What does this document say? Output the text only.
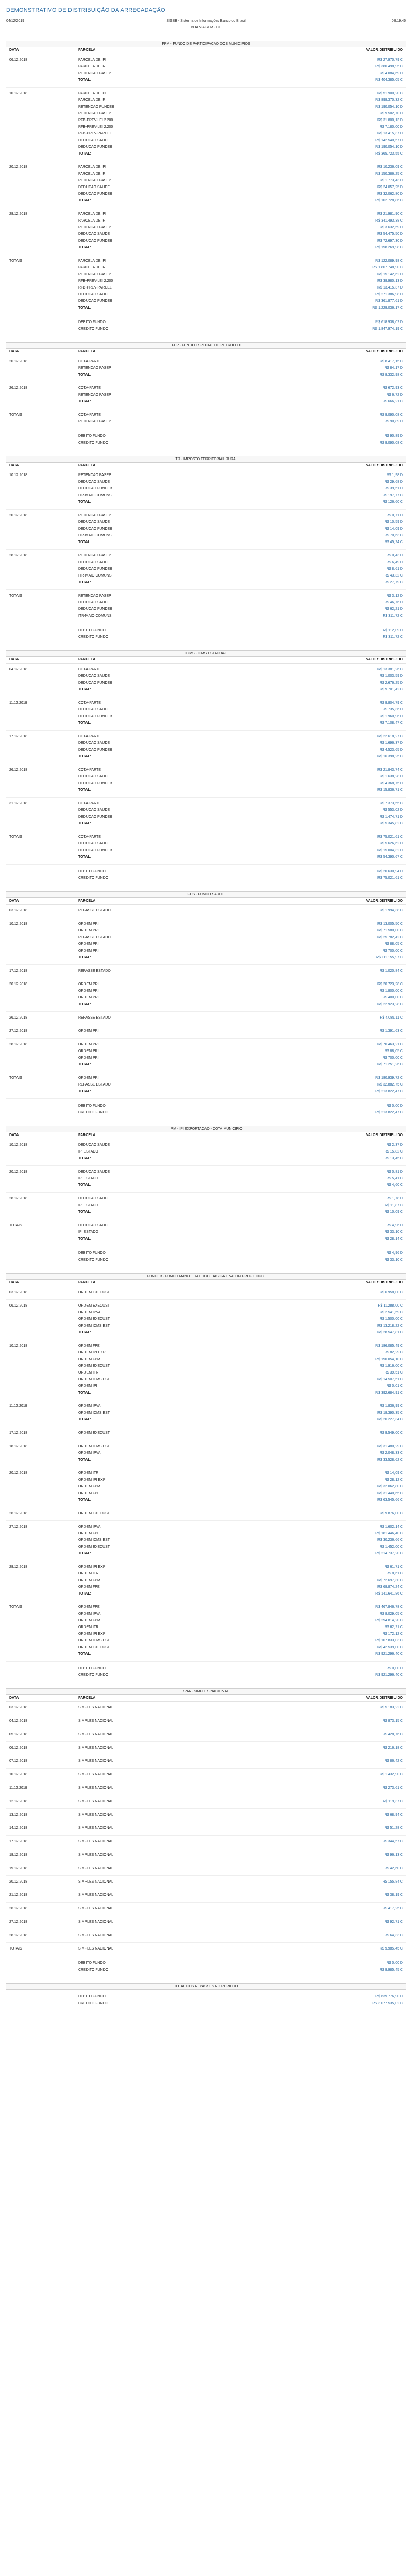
DEMONSTRATIVO DE DISTRIBUIÇÃO DA ARRECADAÇÃO
04/12/2019	SISBB - Sistema de Informações Banco do Brasil	08:19:46
BOA VIAGEM - CE
FPM - FUNDO DE PARTICIPACAO DOS MUNICIPIOS
DATA	PARCELA	VALOR DISTRIBUIDO
06.12.2018	PARCELA DE IPI	R$ 27.970,79 C
PARCELA DE IR	R$ 380.498,95 C
RETENCAO PASEP	R$ 4.084,69 D
TOTAL:	R$ 404.385,05 C
10.12.2018	PARCELA DE IPI	R$ 51.900,20 C
PARCELA DE IR	R$ 898.370,32 C
RETENCAO FUNDEB	R$ 190.054,10 D
RETENCAO PASEP	R$ 9.502,70 D
RFB-PREV-LEI 2.200	R$ 31.800,13 D
RFB-PREV-LEI 2.200	R$ 7.180,00 D
RFB-PREV-PARCEL	R$ 13.415,37 D
DEDUCAO SAUDE	R$ 142.540,57 D
DEDUCAO FUNDEB	R$ 190.054,10 D
TOTAL:	R$ 365.723,55 C
20.12.2018	PARCELA DE IPI	R$ 10.236,09 C
PARCELA DE IR	R$ 150.386,25 C
RETENCAO PASEP	R$ 1.773,43 D
DEDUCAO SAUDE	R$ 24.057,25 D
DEDUCAO FUNDEB	R$ 32.062,80 D
TOTAL:	R$ 102.728,86 C
28.12.2018	PARCELA DE IPI	R$ 21.981,90 C
PARCELA DE IR	R$ 341.493,38 C
RETENCAO PASEP	R$ 3.632,59 D
DEDUCAO SAUDE	R$ 54.475,50 D
DEDUCAO FUNDEB	R$ 72.697,30 D
TOTAL:	R$ 198.269,98 C
TOTAIS	PARCELA DE IPI	R$ 122.089,98 C
PARCELA DE IR	R$ 1.807.748,90 C
RETENCAO PASEP	R$ 15.142,62 D
RFB-PREV-LEI 2.200	R$ 38.980,13 D
RFB-PREV-PARCEL	R$ 13.415,37 D
DEDUCAO SAUDE	R$ 271.386,98 D
DEDUCAO FUNDEB	R$ 361.877,61 D
TOTAL:	R$ 1.229.036,17 C
DEBITO FUNDO	R$ 618.938,02 D
CREDITO FUNDO	R$ 1.847.974,19 C
FEP - FUNDO ESPECIAL DO PETROLEO
DATA	PARCELA	VALOR DISTRIBUIDO
20.12.2018	COTA-PARTE	R$ 8.417,15 C
RETENCAO PASEP	R$ 84,17 D
TOTAL:	R$ 8.332,98 C
26.12.2018	COTA-PARTE	R$ 672,93 C
RETENCAO PASEP	R$ 6,72 D
TOTAL:	R$ 666,21 C
TOTAIS	COTA-PARTE	R$ 9.090,08 C
RETENCAO PASEP	R$ 90,89 D
DEBITO FUNDO	R$ 90,89 D
CREDITO FUNDO	R$ 9.090,08 C
ITR - IMPOSTO TERRITORIAL RURAL
DATA	PARCELA	VALOR DISTRIBUIDO
10.12.2018	RETENCAO PASEP	R$ 1,98 D
DEDUCAO SAUDE	R$ 29,68 D
DEDUCAO FUNDEB	R$ 39,51 D
ITR-MAIO COMUNS	R$ 197,77 C
TOTAL:	R$ 126,60 C
20.12.2018	RETENCAO PASEP	R$ 0,71 D
DEDUCAO SAUDE	R$ 10,59 D
DEDUCAO FUNDEB	R$ 14,09 D
ITR-MAIO COMUNS	R$ 70,63 C
TOTAL:	R$ 45,24 C
28.12.2018	RETENCAO PASEP	R$ 0,43 D
DEDUCAO SAUDE	R$ 6,49 D
DEDUCAO FUNDEB	R$ 8,61 D
ITR-MAIO COMUNS	R$ 43,32 C
TOTAL:	R$ 27,79 C
TOTAIS	RETENCAO PASEP	R$ 3,12 D
DEDUCAO SAUDE	R$ 46,76 D
DEDUCAO FUNDEB	R$ 62,21 D
ITR-MAIO COMUNS	R$ 311,72 C
DEBITO FUNDO	R$ 112,09 D
CREDITO FUNDO	R$ 311,72 C
ICMS - ICMS ESTADUAL
DATA	PARCELA	VALOR DISTRIBUIDO
04.12.2018	COTA-PARTE	R$ 13.381,26 C
DEDUCAO SAUDE	R$ 1.003,59 D
DEDUCAO FUNDEB	R$ 2.676,25 D
TOTAL:	R$ 9.701,42 C
11.12.2018	COTA-PARTE	R$ 9.804,79 C
DEDUCAO SAUDE	R$ 735,36 D
DEDUCAO FUNDEB	R$ 1.960,96 D
TOTAL:	R$ 7.108,47 C
17.12.2018	COTA-PARTE	R$ 22.618,27 C
DEDUCAO SAUDE	R$ 1.696,37 D
DEDUCAO FUNDEB	R$ 4.523,65 D
TOTAL:	R$ 16.398,25 C
26.12.2018	COTA-PARTE	R$ 21.843,74 C
DEDUCAO SAUDE	R$ 1.638,28 D
DEDUCAO FUNDEB	R$ 4.368,75 D
TOTAL:	R$ 15.836,71 C
31.12.2018	COTA-PARTE	R$ 7.373,55 C
DEDUCAO SAUDE	R$ 553,02 D
DEDUCAO FUNDEB	R$ 1.474,71 D
TOTAL:	R$ 5.345,82 C
TOTAIS	COTA-PARTE	R$ 75.021,61 C
DEDUCAO SAUDE	R$ 5.626,62 D
DEDUCAO FUNDEB	R$ 15.004,32 D
TOTAL:	R$ 54.390,67 C
DEBITO FUNDO	R$ 20.630,94 D
CREDITO FUNDO	R$ 75.021,61 C
FUS - FUNDO SAUDE
DATA	PARCELA	VALOR DISTRIBUIDO
03.12.2018	REPASSE ESTADO	R$ 1.994,38 C
10.12.2018	ORDEM PRI	R$ 13.005,50 C
ORDEM PRI	R$ 71.580,00 C
REPASSE ESTADO	R$ 25.782,42 C
ORDEM PRI	R$ 88,05 C
ORDEM PRI	R$ 700,00 C
TOTAL:	R$ 111.155,97 C
17.12.2018	REPASSE ESTADO	R$ 1.020,84 C
20.12.2018	ORDEM PRI	R$ 20.723,28 C
ORDEM PRI	R$ 1.800,00 C
ORDEM PRI	R$ 400,00 C
TOTAL:	R$ 22.923,28 C
26.12.2018	REPASSE ESTADO	R$ 4.085,11 C
27.12.2018	ORDEM PRI	R$ 1.391,63 C
28.12.2018	ORDEM PRI	R$ 70.463,21 C
ORDEM PRI	R$ 88,05 C
ORDEM PRI	R$ 700,00 C
TOTAL:	R$ 71.251,26 C
TOTAIS	ORDEM PRI	R$ 180.939,72 C
REPASSE ESTADO	R$ 32.882,75 C
TOTAL:	R$ 213.822,47 C
DEBITO FUNDO	R$ 0,00 D
CREDITO FUNDO	R$ 213.822,47 C
IPM - IPI EXPORTACAO - COTA MUNICIPIO
DATA	PARCELA	VALOR DISTRIBUIDO
10.12.2018	DEDUCAO SAUDE	R$ 2,37 D
IPI ESTADO	R$ 15,82 C
TOTAL:	R$ 13,45 C
20.12.2018	DEDUCAO SAUDE	R$ 0,81 D
IPI ESTADO	R$ 5,41 C
TOTAL:	R$ 4,60 C
28.12.2018	DEDUCAO SAUDE	R$ 1,78 D
IPI ESTADO	R$ 11,87 C
TOTAL:	R$ 10,09 C
TOTAIS	DEDUCAO SAUDE	R$ 4,96 D
IPI ESTADO	R$ 33,10 C
TOTAL:	R$ 28,14 C
DEBITO FUNDO	R$ 4,96 D
CREDITO FUNDO	R$ 33,10 C
FUNDEB - FUNDO MANUT. DA EDUC. BASICA E VALOR PROF. EDUC.
DATA	PARCELA	VALOR DISTRIBUIDO
03.12.2018	ORDEM EXECUST	R$ 6.958,00 C
06.12.2018	ORDEM EXECUST	R$ 11.288,00 C
ORDEM IPVA	R$ 2.541,59 C
ORDEM EXECUST	R$ 1.500,00 C
ORDEM ICMS EST	R$ 13.218,22 C
TOTAL:	R$ 28.547,81 C
10.12.2018	ORDEM FPE	R$ 186.085,49 C
ORDEM IPI EXP	R$ 82,29 C
ORDEM FPM	R$ 190.054,10 C
ORDEM EXECUST	R$ 1.916,00 C
ORDEM ITR	R$ 39,51 C
ORDEM ICMS EST	R$ 14.507,51 C
ORDEM IPI	R$ 0,01 C
TOTAL:	R$ 392.684,91 C
11.12.2018	ORDEM IPVA	R$ 1.836,99 C
ORDEM ICMS EST	R$ 18.390,35 C
TOTAL:	R$ 20.227,34 C
17.12.2018	ORDEM EXECUST	R$ 9.549,00 C
18.12.2018	ORDEM ICMS EST	R$ 31.480,29 C
ORDEM IPVA	R$ 2.048,33 C
TOTAL:	R$ 33.528,62 C
20.12.2018	ORDEM ITR	R$ 14,09 C
ORDEM IPI EXP	R$ 28,12 C
ORDEM FPM	R$ 32.062,80 C
ORDEM FPE	R$ 31.440,65 C
TOTAL:	R$ 63.545,66 C
26.12.2018	ORDEM EXECUST	R$ 9.876,00 C
27.12.2018	ORDEM IPVA	R$ 1.602,14 C
ORDEM FPE	R$ 181.446,40 C
ORDEM ICMS EST	R$ 30.236,66 C
ORDEM EXECUST	R$ 1.452,00 C
TOTAL:	R$ 214.737,20 C
28.12.2018	ORDEM IPI EXP	R$ 61,71 C
ORDEM ITR	R$ 8,61 C
ORDEM FPM	R$ 72.697,30 C
ORDEM FPE	R$ 68.874,24 C
TOTAL:	R$ 141.641,86 C
TOTAIS	ORDEM FPE	R$ 467.846,78 C
ORDEM IPVA	R$ 8.029,05 C
ORDEM FPM	R$ 294.814,20 C
ORDEM ITR	R$ 62,21 C
ORDEM IPI EXP	R$ 172,12 C
ORDEM ICMS EST	R$ 107.833,03 C
ORDEM EXECUST	R$ 42.539,00 C
TOTAL:	R$ 921.296,40 C
DEBITO FUNDO	R$ 0,00 D
CREDITO FUNDO	R$ 921.296,40 C
SNA - SIMPLES NACIONAL
DATA	PARCELA	VALOR DISTRIBUIDO
03.12.2018	SIMPLES NACIONAL	R$ 5.183,22 C
04.12.2018	SIMPLES NACIONAL	R$ 873,15 C
05.12.2018	SIMPLES NACIONAL	R$ 428,76 C
06.12.2018	SIMPLES NACIONAL	R$ 216,18 C
07.12.2018	SIMPLES NACIONAL	R$ 86,42 C
10.12.2018	SIMPLES NACIONAL	R$ 1.432,90 C
11.12.2018	SIMPLES NACIONAL	R$ 273,61 C
12.12.2018	SIMPLES NACIONAL	R$ 119,37 C
13.12.2018	SIMPLES NACIONAL	R$ 68,94 C
14.12.2018	SIMPLES NACIONAL	R$ 51,28 C
17.12.2018	SIMPLES NACIONAL	R$ 344,57 C
18.12.2018	SIMPLES NACIONAL	R$ 96,13 C
19.12.2018	SIMPLES NACIONAL	R$ 42,60 C
20.12.2018	SIMPLES NACIONAL	R$ 155,84 C
21.12.2018	SIMPLES NACIONAL	R$ 38,19 C
26.12.2018	SIMPLES NACIONAL	R$ 417,25 C
27.12.2018	SIMPLES NACIONAL	R$ 92,71 C
28.12.2018	SIMPLES NACIONAL	R$ 64,33 C
TOTAIS	SIMPLES NACIONAL	R$ 9.985,45 C
DEBITO FUNDO	R$ 0,00 D
CREDITO FUNDO	R$ 9.985,45 C
TOTAL DOS REPASSES NO PERIODO
DEBITO FUNDO	R$ 639.776,90 D
CREDITO FUNDO	R$ 3.077.535,02 C
